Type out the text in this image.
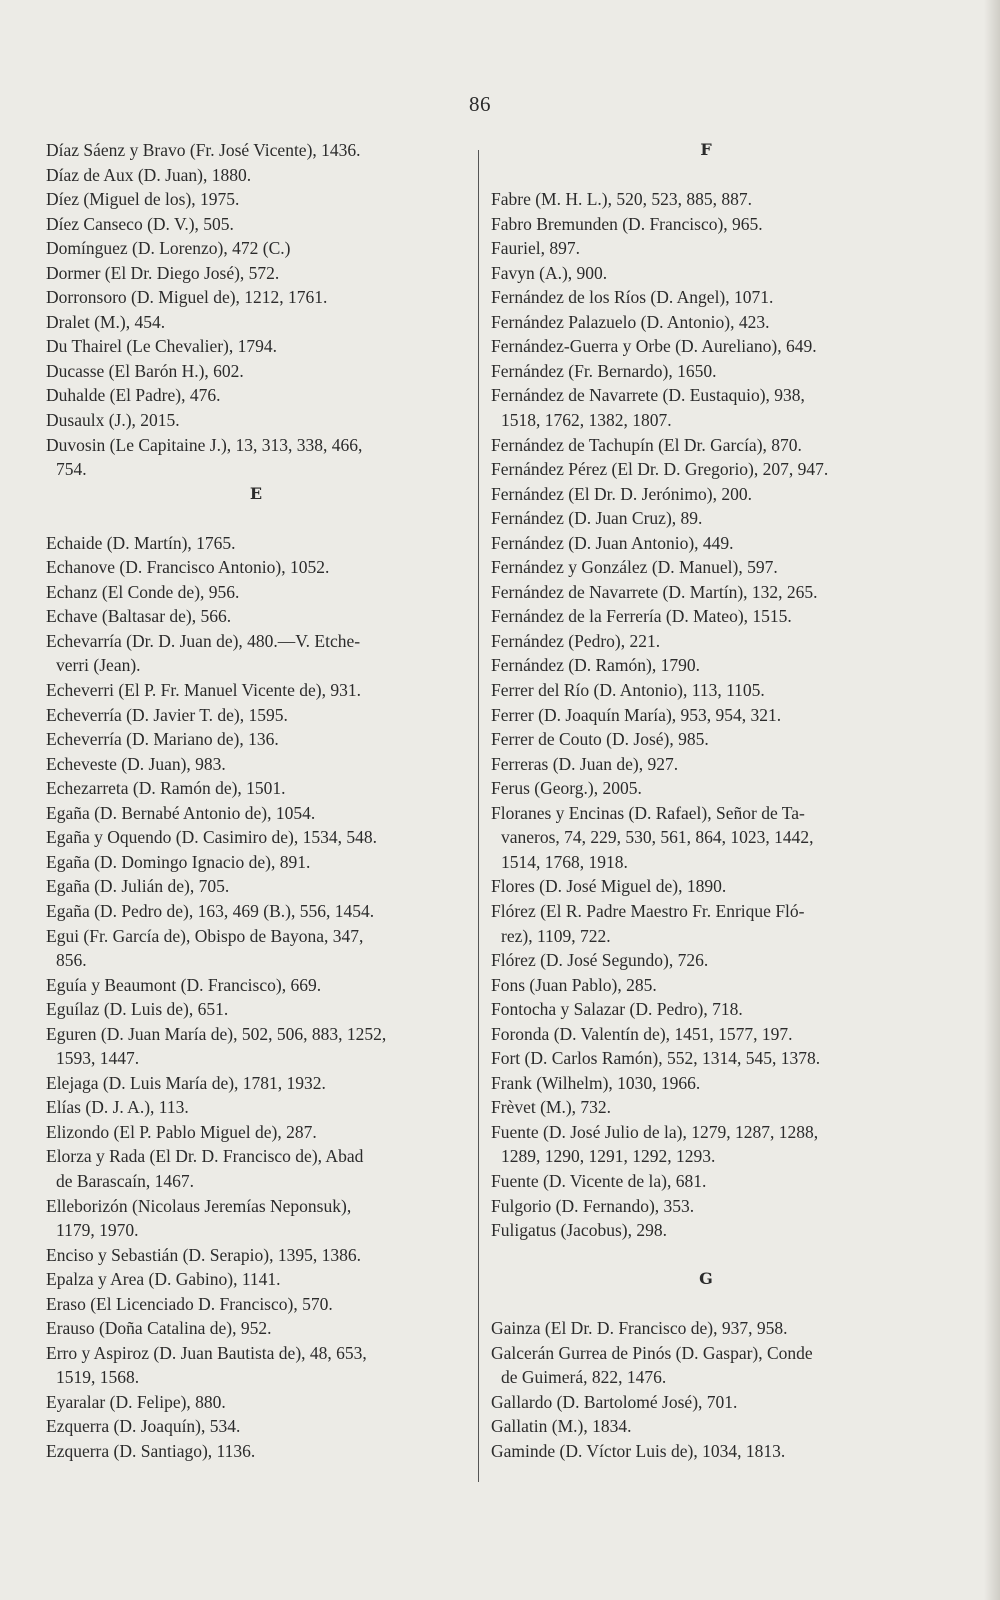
86
Díaz Sáenz y Bravo (Fr. José Vicente), 1436.
Díaz de Aux (D. Juan), 1880.
Díez (Miguel de los), 1975.
Díez Canseco (D. V.), 505.
Domínguez (D. Lorenzo), 472 (C.)
Dormer (El Dr. Diego José), 572.
Dorronsoro (D. Miguel de), 1212, 1761.
Dralet (M.), 454.
Du Thairel (Le Chevalier), 1794.
Ducasse (El Barón H.), 602.
Duhalde (El Padre), 476.
Dusaulx (J.), 2015.
Duvosin (Le Capitaine J.), 13, 313, 338, 466,
754.
E
Echaide (D. Martín), 1765.
Echanove (D. Francisco Antonio), 1052.
Echanz (El Conde de), 956.
Echave (Baltasar de), 566.
Echevarría (Dr. D. Juan de), 480.—V. Etche-
verri (Jean).
Echeverri (El P. Fr. Manuel Vicente de), 931.
Echeverría (D. Javier T. de), 1595.
Echeverría (D. Mariano de), 136.
Echeveste (D. Juan), 983.
Echezarreta (D. Ramón de), 1501.
Egaña (D. Bernabé Antonio de), 1054.
Egaña y Oquendo (D. Casimiro de), 1534, 548.
Egaña (D. Domingo Ignacio de), 891.
Egaña (D. Julián de), 705.
Egaña (D. Pedro de), 163, 469 (B.), 556, 1454.
Egui (Fr. García de), Obispo de Bayona, 347,
856.
Eguía y Beaumont (D. Francisco), 669.
Eguílaz (D. Luis de), 651.
Eguren (D. Juan María de), 502, 506, 883, 1252,
1593, 1447.
Elejaga (D. Luis María de), 1781, 1932.
Elías (D. J. A.), 113.
Elizondo (El P. Pablo Miguel de), 287.
Elorza y Rada (El Dr. D. Francisco de), Abad
de Barascaín, 1467.
Elleborizón (Nicolaus Jeremías Neponsuk),
1179, 1970.
Enciso y Sebastián (D. Serapio), 1395, 1386.
Epalza y Area (D. Gabino), 1141.
Eraso (El Licenciado D. Francisco), 570.
Erauso (Doña Catalina de), 952.
Erro y Aspiroz (D. Juan Bautista de), 48, 653,
1519, 1568.
Eyaralar (D. Felipe), 880.
Ezquerra (D. Joaquín), 534.
Ezquerra (D. Santiago), 1136.
F
Fabre (M. H. L.), 520, 523, 885, 887.
Fabro Bremunden (D. Francisco), 965.
Fauriel, 897.
Favyn (A.), 900.
Fernández de los Ríos (D. Angel), 1071.
Fernández Palazuelo (D. Antonio), 423.
Fernández-Guerra y Orbe (D. Aureliano), 649.
Fernández (Fr. Bernardo), 1650.
Fernández de Navarrete (D. Eustaquio), 938,
1518, 1762, 1382, 1807.
Fernández de Tachupín (El Dr. García), 870.
Fernández Pérez (El Dr. D. Gregorio), 207, 947.
Fernández (El Dr. D. Jerónimo), 200.
Fernández (D. Juan Cruz), 89.
Fernández (D. Juan Antonio), 449.
Fernández y González (D. Manuel), 597.
Fernández de Navarrete (D. Martín), 132, 265.
Fernández de la Ferrería (D. Mateo), 1515.
Fernández (Pedro), 221.
Fernández (D. Ramón), 1790.
Ferrer del Río (D. Antonio), 113, 1105.
Ferrer (D. Joaquín María), 953, 954, 321.
Ferrer de Couto (D. José), 985.
Ferreras (D. Juan de), 927.
Ferus (Georg.), 2005.
Floranes y Encinas (D. Rafael), Señor de Ta-
vaneros, 74, 229, 530, 561, 864, 1023, 1442,
1514, 1768, 1918.
Flores (D. José Miguel de), 1890.
Flórez (El R. Padre Maestro Fr. Enrique Fló-
rez), 1109, 722.
Flórez (D. José Segundo), 726.
Fons (Juan Pablo), 285.
Fontocha y Salazar (D. Pedro), 718.
Foronda (D. Valentín de), 1451, 1577, 197.
Fort (D. Carlos Ramón), 552, 1314, 545, 1378.
Frank (Wilhelm), 1030, 1966.
Frèvet (M.), 732.
Fuente (D. José Julio de la), 1279, 1287, 1288,
1289, 1290, 1291, 1292, 1293.
Fuente (D. Vicente de la), 681.
Fulgorio (D. Fernando), 353.
Fuligatus (Jacobus), 298.
G
Gainza (El Dr. D. Francisco de), 937, 958.
Galcerán Gurrea de Pinós (D. Gaspar), Conde
de Guimerá, 822, 1476.
Gallardo (D. Bartolomé José), 701.
Gallatin (M.), 1834.
Gaminde (D. Víctor Luis de), 1034, 1813.
